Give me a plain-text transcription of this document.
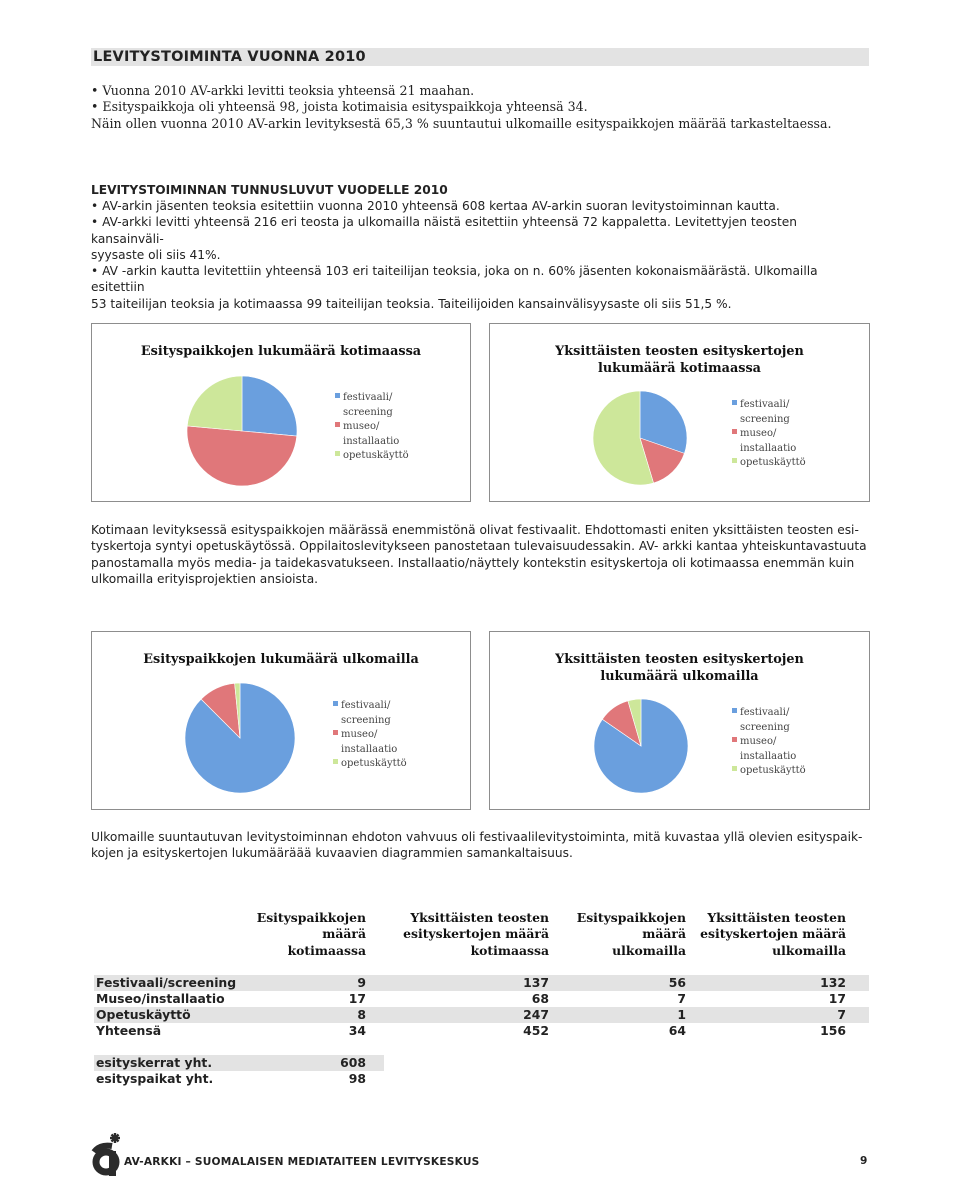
LEVITYSTOIMINTA VUONNA 2010
• Vuonna 2010 AV-arkki levitti teoksia yhteensä 21 maahan.
• Esityspaikkoja oli yhteensä 98, joista kotimaisia esityspaikkoja yhteensä 34.
Näin ollen vuonna 2010 AV-arkin levityksestä 65,3 % suuntautui ulkomaille esityspaikkojen määrää tarkasteltaessa.
LEVITYSTOIMINNAN TUNNUSLUVUT VUODELLE 2010
• AV-arkin jäsenten teoksia esitettiin vuonna 2010 yhteensä 608 kertaa AV-arkin suoran levitystoiminnan kautta.
• AV-arkki levitti yhteensä 216 eri teosta ja ulkomailla näistä esitettiin yhteensä 72 kappaletta. Levitettyjen teosten kansainväli-
syysaste oli siis 41%.
• AV -arkin kautta levitettiin yhteensä 103 eri taiteilijan teoksia, joka on n. 60% jäsenten kokonaismäärästä. Ulkomailla esitettiin
53 taiteilijan teoksia ja kotimaassa 99 taiteilijan teoksia. Taiteilijoiden kansainvälisyysaste oli siis 51,5 %.
Esityspaikkojen lukumäärä kotimaassa
festivaali/
screening
museo/
installaatio
opetuskäyttö
Yksittäisten teosten esityskertojen
lukumäärä kotimaassa
festivaali/
screening
museo/
installaatio
opetuskäyttö
Kotimaan levityksessä esityspaikkojen määrässä enemmistönä olivat festivaalit. Ehdottomasti eniten yksittäisten teosten esi-
tyskertoja syntyi opetuskäytössä. Oppilaitoslevitykseen panostetaan tulevaisuudessakin. AV- arkki kantaa yhteiskuntavastuuta
panostamalla myös media- ja taidekasvatukseen. Installaatio/näyttely kontekstin esityskertoja oli kotimaassa enemmän kuin
ulkomailla erityisprojektien ansioista.
Esityspaikkojen lukumäärä ulkomailla
festivaali/
screening
museo/
installaatio
opetuskäyttö
Yksittäisten teosten esityskertojen
lukumäärä ulkomailla
festivaali/
screening
museo/
installaatio
opetuskäyttö
Ulkomaille suuntautuvan levitystoiminnan ehdoton vahvuus oli festivaalilevitystoiminta, mitä kuvastaa yllä olevien esityspaik-
kojen ja esityskertojen lukumääräää kuvaavien diagrammien samankaltaisuus.
Esityspaikkojen
määrä
kotimaassa
Yksittäisten teosten
esityskertojen määrä
kotimaassa
Esityspaikkojen
määrä
ulkomailla
Yksittäisten teosten
esityskertojen määrä
ulkomailla
Festivaali/screening	9	137	56	132
Museo/installaatio	17	68	7	17
Opetuskäyttö	8	247	1	7
Yhteensä	34	452	64	156
esityskerrat yht.	608
esityspaikat yht.	98
AV-ARKKI – SUOMALAISEN MEDIATAITEEN LEVITYSKESKUS	9
